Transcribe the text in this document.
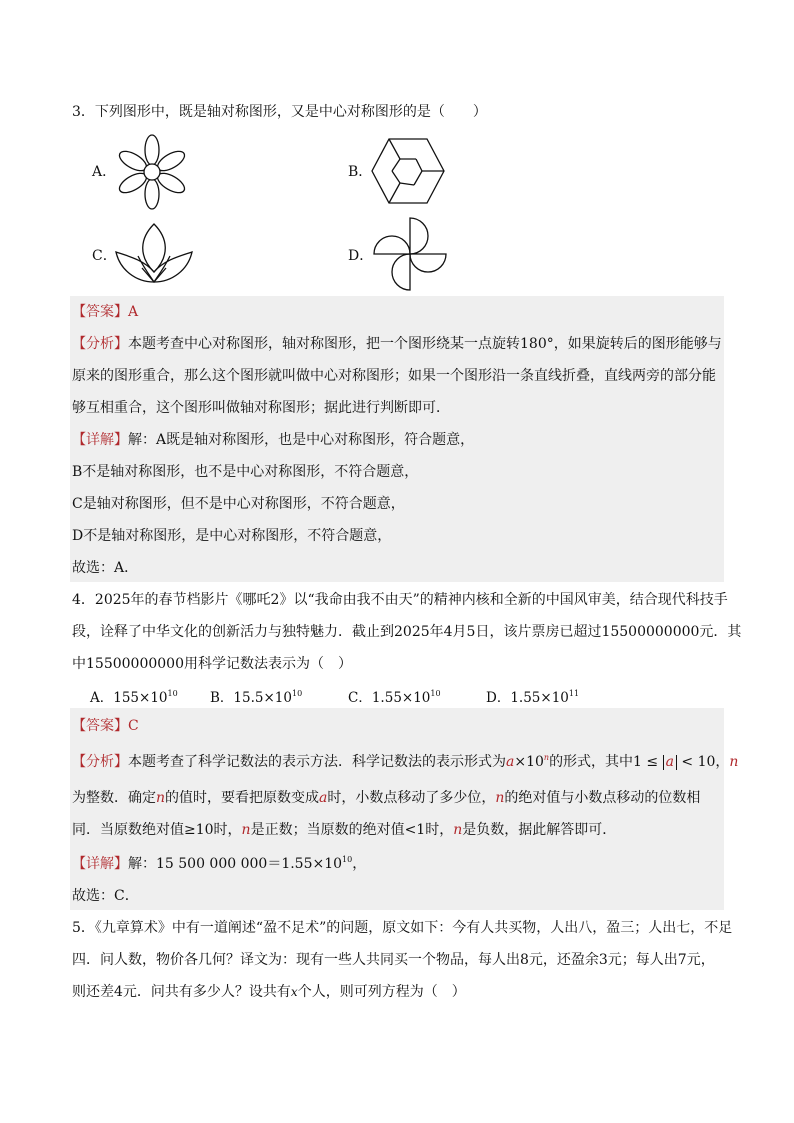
3．下列图形中，既是轴对称图形，又是中心对称图形的是（　　）
A．	B．
C．	D．
【答案】A
【分析】本题考查中心对称图形，轴对称图形，把一个图形绕某一点旋转180°，如果旋转后的图形能够与
原来的图形重合，那么这个图形就叫做中心对称图形；如果一个图形沿一条直线折叠，直线两旁的部分能
够互相重合，这个图形叫做轴对称图形；据此进行判断即可．
【详解】解：A既是轴对称图形，也是中心对称图形，符合题意，
B不是轴对称图形，也不是中心对称图形，不符合题意，
C是轴对称图形，但不是中心对称图形，不符合题意，
D不是轴对称图形，是中心对称图形，不符合题意，
故选：A．
4．2025年的春节档影片《哪吒2》以“我命由我不由天”的精神内核和全新的中国风审美，结合现代科技手
段，诠释了中华文化的创新活力与独特魅力．截止到2025年4月5日，该片票房已超过15500000000元．其
中15500000000用科学记数法表示为（　）
A．$155\times 10^{10}$ B．$15.5\times 10^{10}$	C．$1.55\times 10^{10}$	D．$1.55\times 10^{11}$
【答案】C
【分析】本题考查了科学记数法的表示方法．科学记数法的表示形式为$a\times 10^n$的形式，其中1 ≤ a < 10，n
为整数．确定n的值时，要看把原数变成a时，小数点移动了多少位，n的绝对值与小数点移动的位数相
同．当原数绝对值≥10时，n是正数；当原数的绝对值<1时，n是负数，据此解答即可．
【详解】解：15 500 000 $000=1.55\times 10^{10}$，
故选：C．
5．《九章算术》中有一道阐述“盈不足术”的问题，原文如下：今有人共买物，人出八，盈三；人出七，不足
四．问人数，物价各几何？译文为：现有一些人共同买一个物品，每人出8元，还盈余3元；每人出7元，
则还差4元．问共有多少人？设共有x个人，则可列方程为（　）
